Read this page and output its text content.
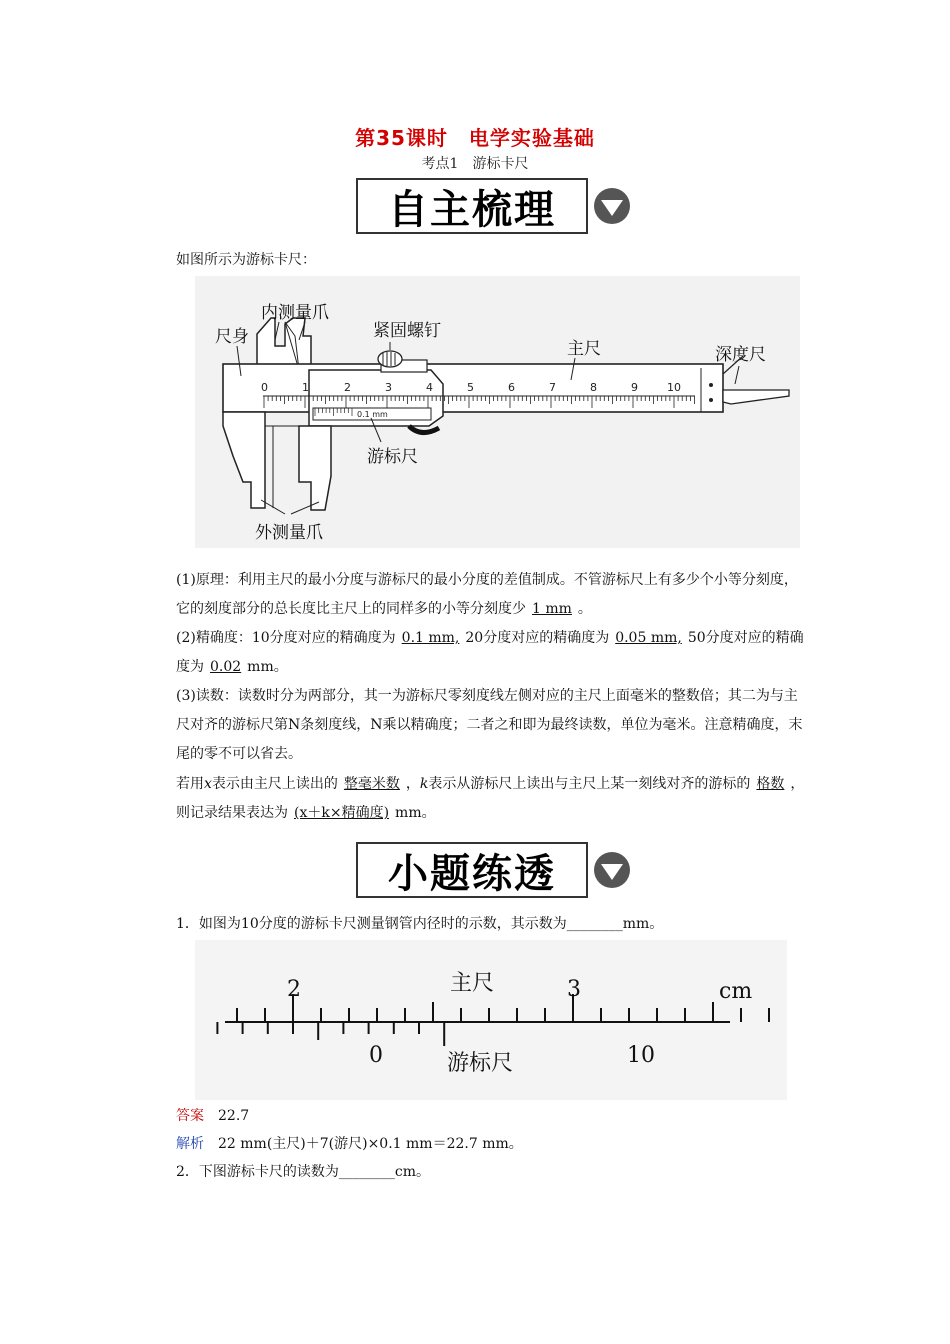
第35课时　电学实验基础
考点1　游标卡尺
自主梳理
如图所示为游标卡尺：
0.1 mm
0	1	2	3	4	5	6	7	8	9	10
尺身
内测量爪
紧固螺钉
主尺	深度尺
游标尺
外测量爪
(1)原理：利用主尺的最小分度与游标尺的最小分度的差值制成。不管游标尺上有多少个小等分刻度，它的刻度部分的总长度比主尺上的同样多的小等分刻度少 1 mm 。
(2)精确度：10分度对应的精确度为 0.1 mm, 20分度对应的精确度为 0.05 mm, 50分度对应的精确度为 0.02 mm。
(3)读数：读数时分为两部分，其一为游标尺零刻度线左侧对应的主尺上面毫米的整数倍；其二为与主尺对齐的游标尺第N条刻度线，N乘以精确度；二者之和即为最终读数，单位为毫米。注意精确度，末尾的零不可以省去。
若用x表示由主尺上读出的 整毫米数 ，k表示从游标尺上读出与主尺上某一刻线对齐的游标的 格数 ，则记录结果表达为 (x＋k×精确度) mm。
小题练透
1．如图为10分度的游标卡尺测量钢管内径时的示数，其示数为________mm。
2	主尺	3	cm
0	游标尺	10
答案　 22.7
解析　 22 mm(主尺)＋7(游尺)×0.1 mm＝22.7 mm。
2．下图游标卡尺的读数为________cm。
